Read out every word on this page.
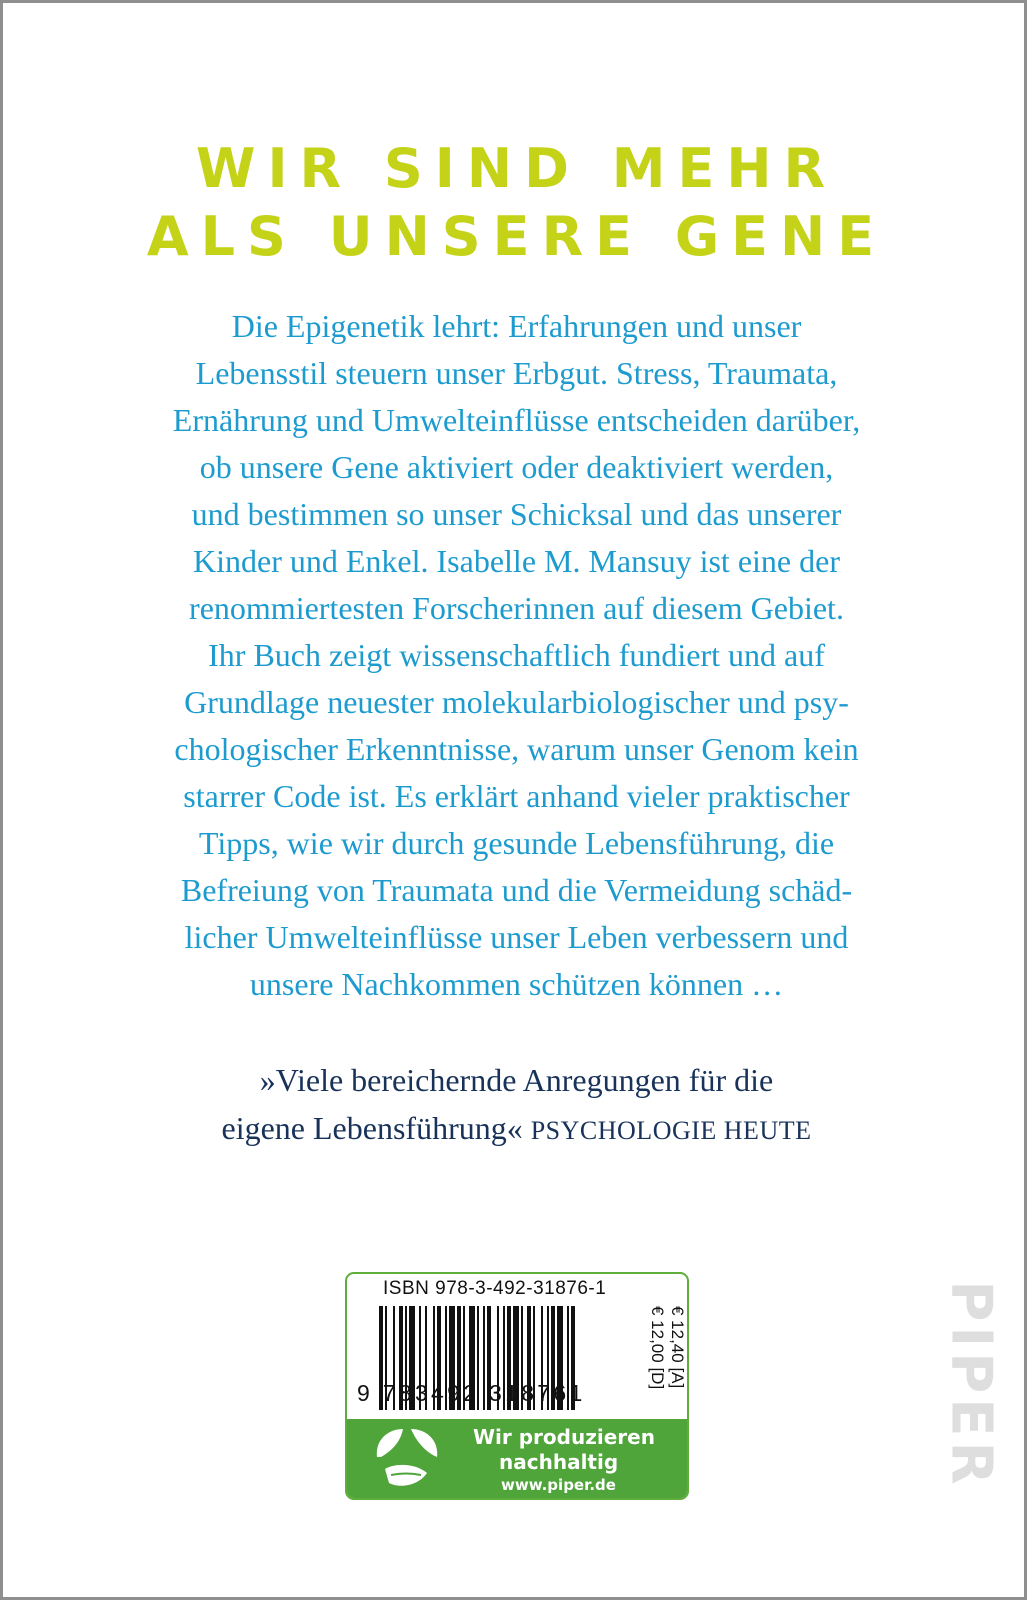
WIR SIND MEHR
ALS UNSERE GENE
Die Epigenetik lehrt: Erfahrungen und unser
Lebensstil steuern unser Erbgut. Stress, Traumata,
Ernährung und Umwelteinflüsse entscheiden darüber,
ob unsere Gene aktiviert oder deaktiviert werden,
und bestimmen so unser Schicksal und das unserer
Kinder und Enkel. Isabelle M. Mansuy ist eine der
renommiertesten Forscherinnen auf diesem Gebiet.
Ihr Buch zeigt wissenschaftlich fundiert und auf
Grundlage neuester molekularbiologischer und psy-
chologischer Erkenntnisse, warum unser Genom kein
starrer Code ist. Es erklärt anhand vieler praktischer
Tipps, wie wir durch gesunde Lebensführung, die
Befreiung von Traumata und die Vermeidung schäd-
licher Umwelteinflüsse unser Leben verbessern und
unsere Nachkommen schützen können …
»Viele bereichernde Anregungen für die
eigene Lebensführung« PSYCHOLOGIE HEUTE
ISBN 978-3-492-31876-1
9 783492 318761
€ 12,00 [D] € 12,40 [A]
Wir produzieren
nachhaltig
www.piper.de	PIPER
